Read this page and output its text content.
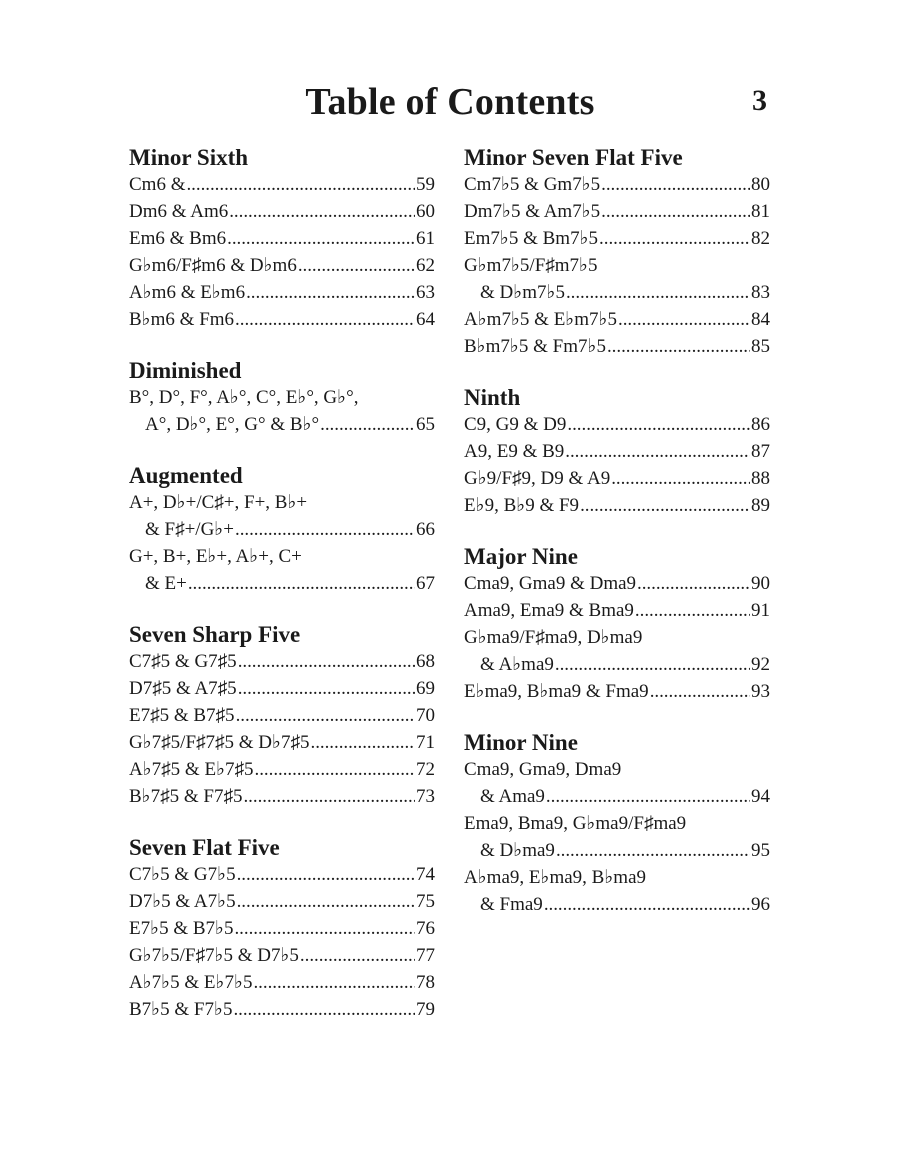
Table of Contents	3
Minor Sixth
Cm6 & . . .	59
Dm6 & Am6 . . .	60
Em6 & Bm6 . . .	61
G♭m6/F♯m6 & D♭m6 . . .	62
A♭m6 & E♭m6 . . .	63
B♭m6 & Fm6 . . .	64
Diminished
B°, D°, F°, A♭°, C°, E♭°, G♭°,
A°, D♭°, E°, G° & B♭° . . .	65
Augmented
A+, D♭+/C♯+, F+, B♭+
& F♯+/G♭+ . . .	66
G+, B+, E♭+, A♭+, C+
& E+ . . .	67
Seven Sharp Five
C7♯5 & G7♯5 . . .	68
D7♯5 & A7♯5 . . .	69
E7♯5 & B7♯5 . . .	70
G♭7♯5/F♯7♯5 & D♭7♯5 . . .	71
A♭7♯5 & E♭7♯5 . . .	72
B♭7♯5 & F7♯5 . . .	73
Seven Flat Five
C7♭5 & G7♭5 . . .	74
D7♭5 & A7♭5 . . .	75
E7♭5 & B7♭5 . . .	76
G♭7♭5/F♯7♭5 & D7♭5 . . .	77
A♭7♭5 & E♭7♭5 . . .	78
B7♭5 & F7♭5 . . .	79
Minor Seven Flat Five
Cm7♭5 & Gm7♭5 . . .	80
Dm7♭5 & Am7♭5 . . .	81
Em7♭5 & Bm7♭5 . . .	82
G♭m7♭5/F♯m7♭5
& D♭m7♭5 . . .	83
A♭m7♭5 & E♭m7♭5 . . .	84
B♭m7♭5 & Fm7♭5 . . .	85
Ninth
C9, G9 & D9 . . .	86
A9, E9 & B9 . . .	87
G♭9/F♯9, D9 & A9 . . .	88
E♭9, B♭9 & F9 . . .	89
Major Nine
Cma9, Gma9 & Dma9 . . .	90
Ama9, Ema9 & Bma9 . . .	91
G♭ma9/F♯ma9, D♭ma9
& A♭ma9 . . .	92
E♭ma9, B♭ma9 & Fma9 . . .	93
Minor Nine
Cma9, Gma9, Dma9
& Ama9 . . .	94
Ema9, Bma9, G♭ma9/F♯ma9
& D♭ma9 . . .	95
A♭ma9, E♭ma9, B♭ma9
& Fma9 . . .	96
